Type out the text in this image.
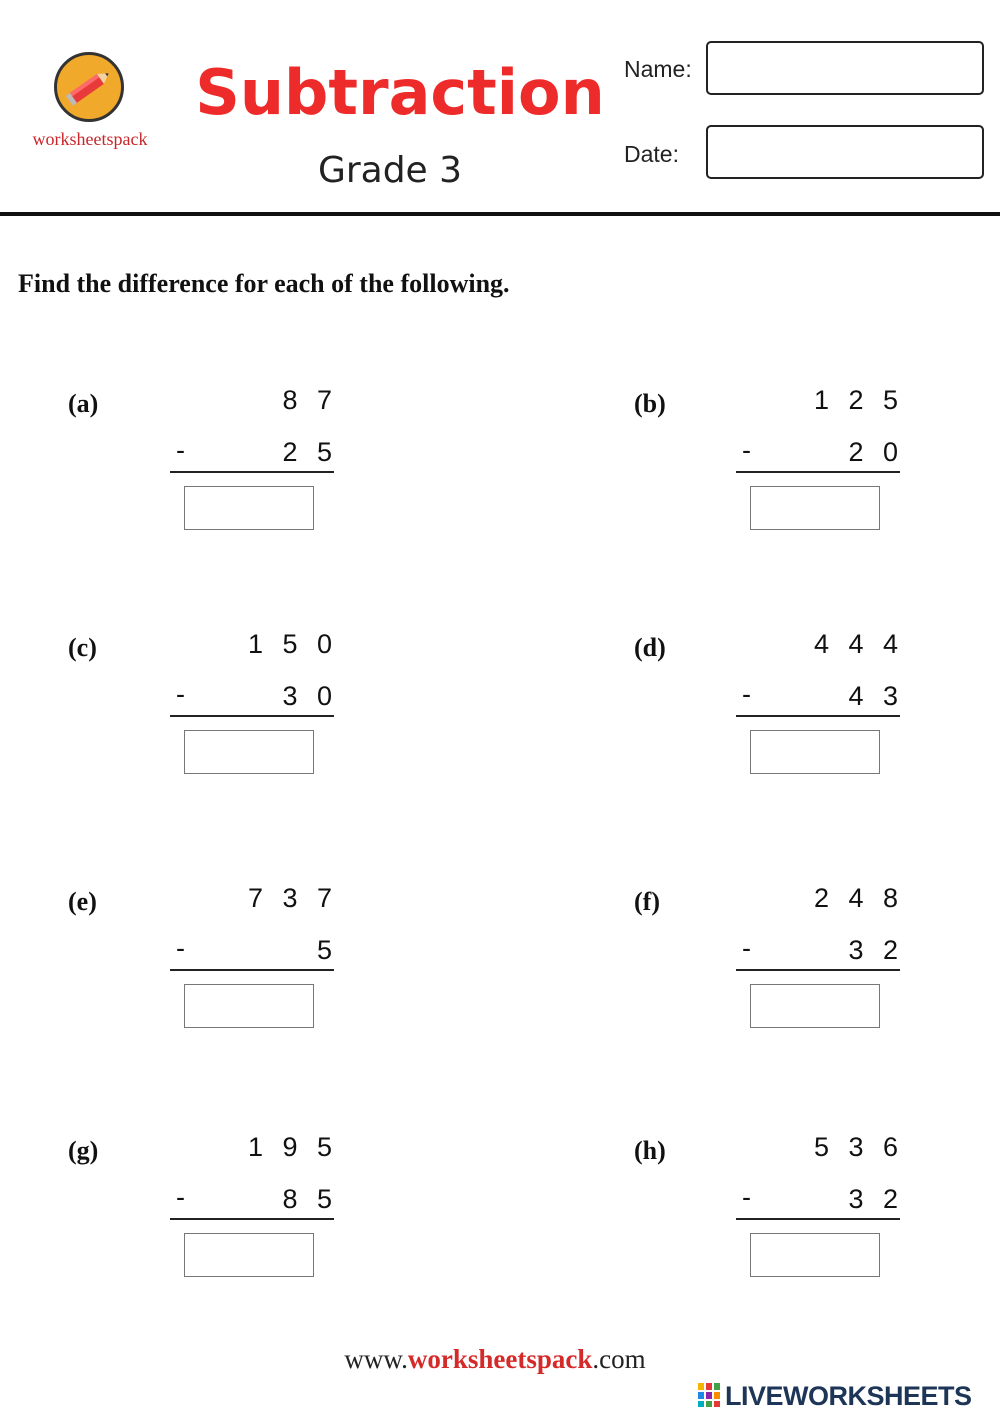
worksheetspack
Subtraction
Grade 3
Name:
Date:
Find the difference for each of the following.
(a)	8 7
-	2 5
(b)	1 2 5
-	2 0
(c)	1 5 0
-	3 0
(d)	4 4 4
-	4 3
(e)	7 3 7
-	5
(f)	2 4 8
-	3 2
(g)	1 9 5
-	8 5
(h)	5 3 6
-	3 2
www.worksheetspack.com
LIVEWORKSHEETS
